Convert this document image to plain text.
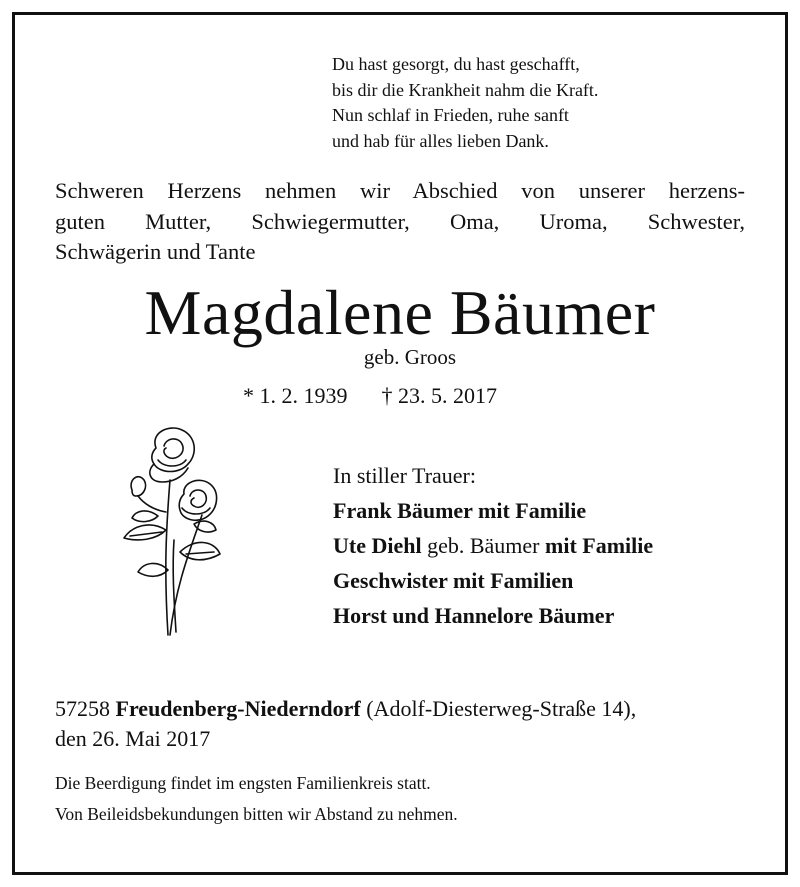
Du hast gesorgt, du hast geschafft,
bis dir die Krankheit nahm die Kraft.
Nun schlaf in Frieden, ruhe sanft
und hab für alles lieben Dank.
Schweren Herzens nehmen wir Abschied von unserer herzens-
guten Mutter, Schwiegermutter, Oma, Uroma, Schwester,
Schwägerin und Tante
Magdalene Bäumer
geb. Groos
* 1. 2. 1939 † 23. 5. 2017
In stiller Trauer:
Frank Bäumer mit Familie
Ute Diehl geb. Bäumer mit Familie
Geschwister mit Familien
Horst und Hannelore Bäumer
57258 Freudenberg-Niederndorf (Adolf-Diesterweg-Straße 14),
den 26. Mai 2017
Die Beerdigung findet im engsten Familienkreis statt.
Von Beileidsbekundungen bitten wir Abstand zu nehmen.
